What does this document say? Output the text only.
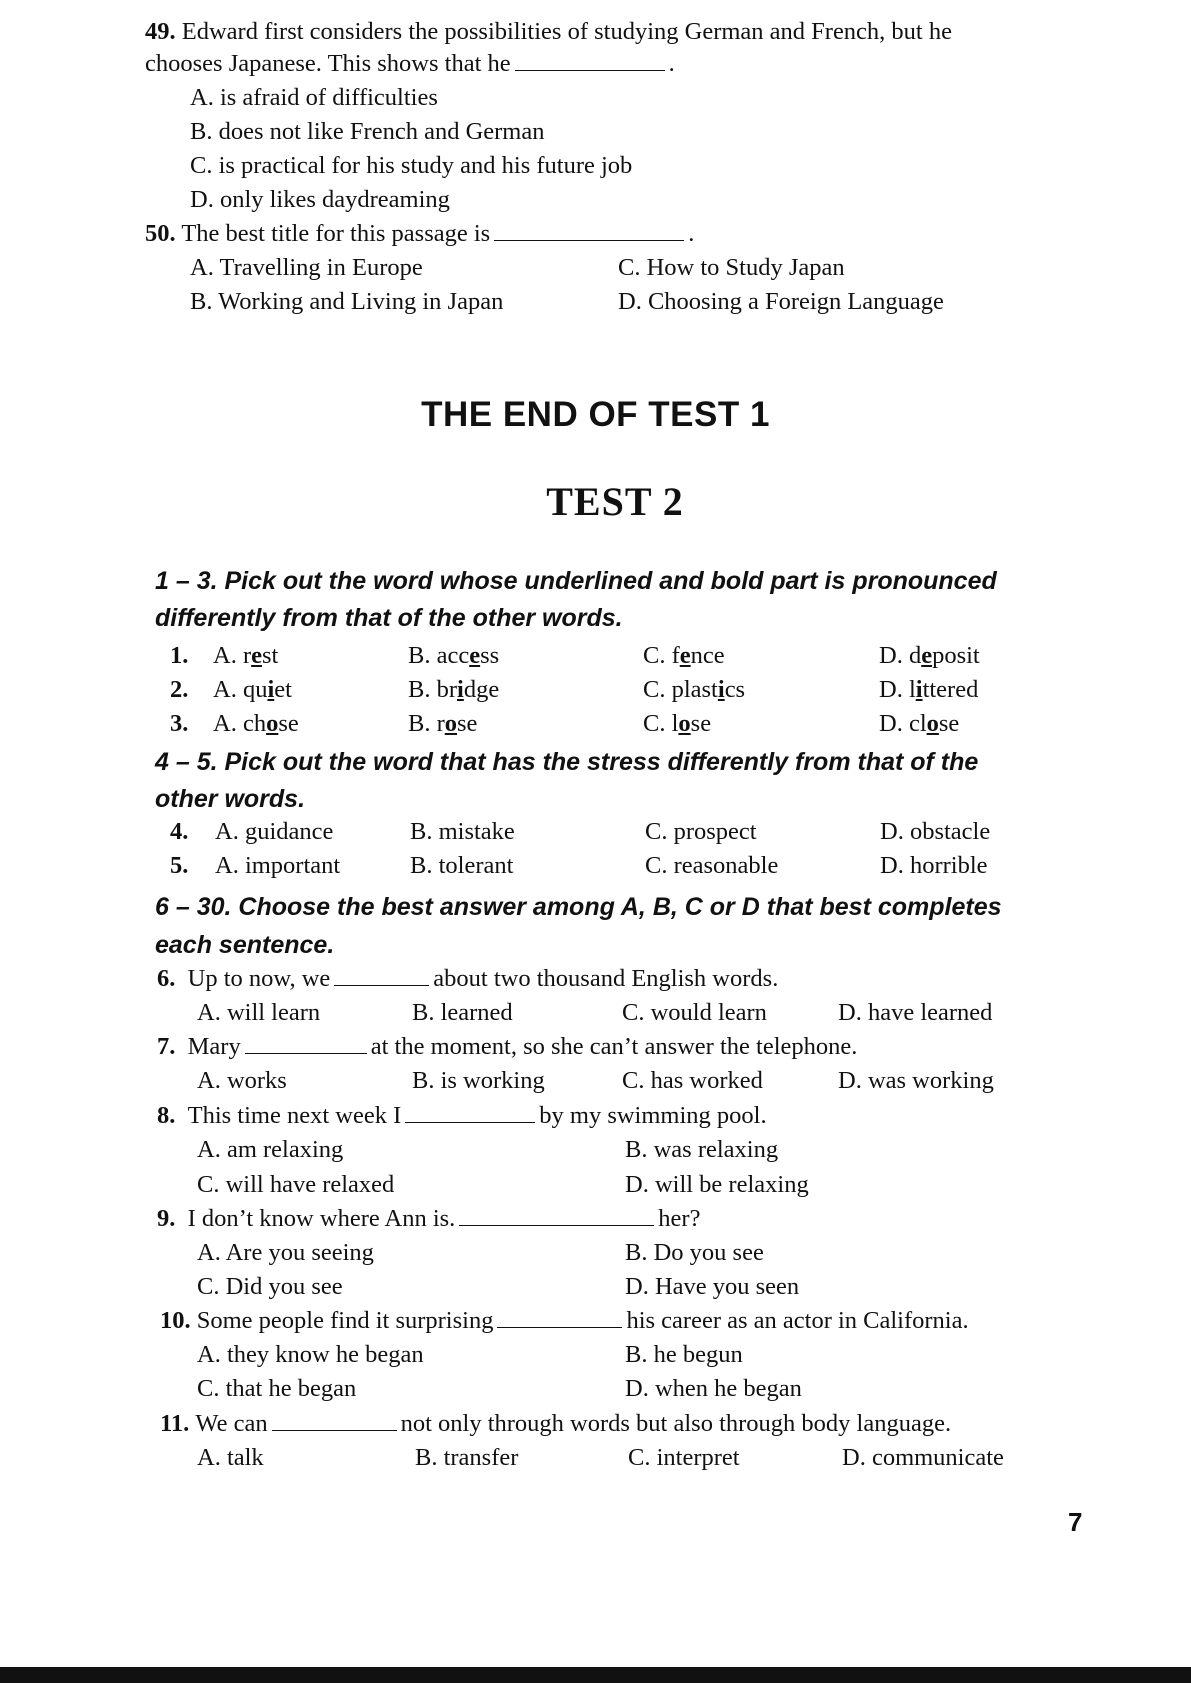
49. Edward first considers the possibilities of studying German and French, but he
chooses Japanese. This shows that he	.
A. is afraid of difficulties
B. does not like French and German
C. is practical for his study and his future job
D. only likes daydreaming
50. The best title for this passage is	.
A. Travelling in Europe
B. Working and Living in Japan
C. How to Study Japan
D. Choosing a Foreign Language
THE END OF TEST 1
TEST 2
1 – 3. Pick out the word whose underlined and bold part is pronounced
differently from that of the other words.
1. A. rest	B. access	C. fence	D. deposit
2. A. quiet	B. bridge	C. plastics	D. littered
3. A. chose	B. rose	C. lose	D. close
4 – 5. Pick out the word that has the stress differently from that of the
other words.
4. A. guidance	B. mistake	C. prospect	D. obstacle
5. A. important	B. tolerant	C. reasonable	D. horrible
6 – 30. Choose the best answer among A, B, C or D that best completes
each sentence.
6. Up to now, we	about two thousand English words.
A. will learn	B. learned	C. would learn	D. have learned
7. Mary	at the moment, so she can’t answer the telephone.
A. works	B. is working	C. has worked	D. was working
8. This time next week I	by my swimming pool.
A. am relaxing	B. was relaxing
C. will have relaxed	D. will be relaxing
9. I don’t know where Ann is.	her?
A. Are you seeing	B. Do you see
C. Did you see	D. Have you seen
10. Some people find it surprising	his career as an actor in California.
A. they know he began	B. he begun
C. that he began	D. when he began
11. We can	not only through words but also through body language.
A. talk	B. transfer	C. interpret	D. communicate
7
